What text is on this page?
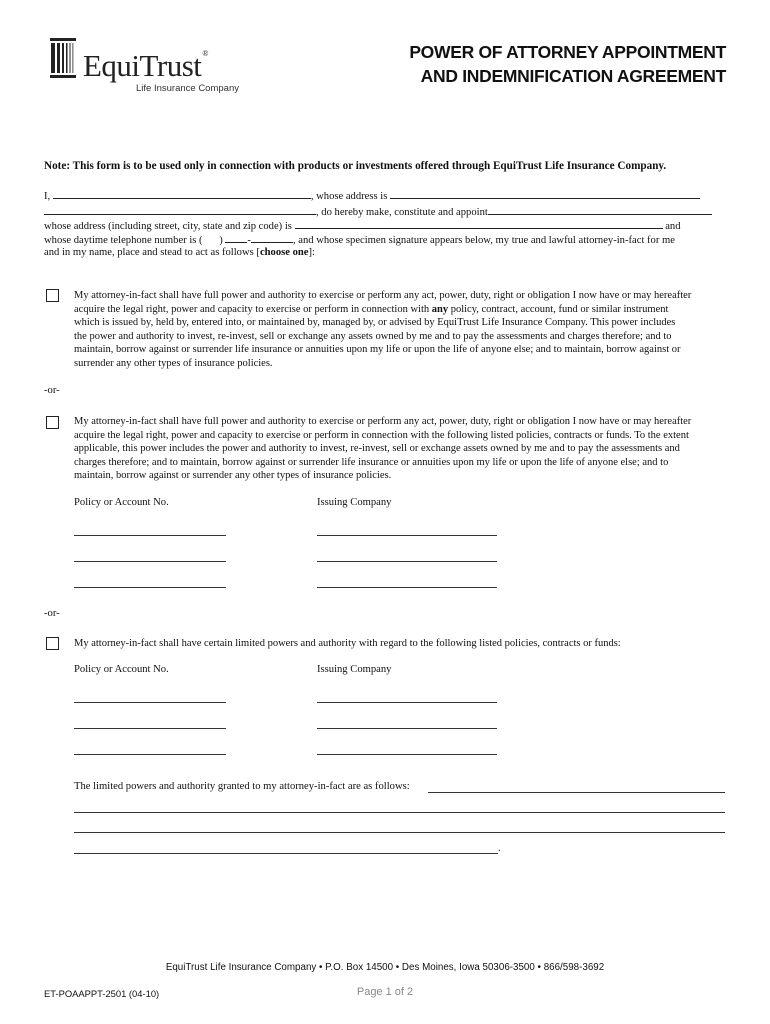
EquiTrust®
Life Insurance Company
POWER OF ATTORNEY APPOINTMENT
AND INDEMNIFICATION AGREEMENT
Note: This form is to be used only in connection with products or investments offered through EquiTrust Life Insurance Company.
I,	, whose address is
, do hereby make, constitute and appoint
whose address (including street, city, state and zip code) is	and
whose daytime telephone number is ( ) -	, and whose specimen signature appears below, my true and lawful attorney-in-fact for me
and in my name, place and stead to act as follows [choose one]:
My attorney-in-fact shall have full power and authority to exercise or perform any act, power, duty, right or obligation I now have or may hereafter
acquire the legal right, power and capacity to exercise or perform in connection with any policy, contract, account, fund or similar instrument
which is issued by, held by, entered into, or maintained by, managed by, or advised by EquiTrust Life Insurance Company. This power includes
the power and authority to invest, re-invest, sell or exchange any assets owned by me and to pay the assessments and charges therefore; and to
maintain, borrow against or surrender life insurance or annuities upon my life or upon the life of anyone else; and to maintain, borrow against or
surrender any other types of insurance policies.
-or-
My attorney-in-fact shall have full power and authority to exercise or perform any act, power, duty, right or obligation I now have or may hereafter
acquire the legal right, power and capacity to exercise or perform in connection with the following listed policies, contracts or funds. To the extent
applicable, this power includes the power and authority to invest, re-invest, sell or exchange assets owned by me and to pay the assessments and
charges therefore; and to maintain, borrow against or surrender life insurance or annuities upon my life or upon the life of anyone else; and to
maintain, borrow against or surrender any other types of insurance policies.
Policy or Account No.	Issuing Company
-or-
My attorney-in-fact shall have certain limited powers and authority with regard to the following listed policies, contracts or funds:
Policy or Account No.	Issuing Company
The limited powers and authority granted to my attorney-in-fact are as follows:
.
EquiTrust Life Insurance Company • P.O. Box 14500 • Des Moines, Iowa 50306-3500 • 866/598-3692
ET-POAAPPT-2501 (04-10)	Page 1 of 2
